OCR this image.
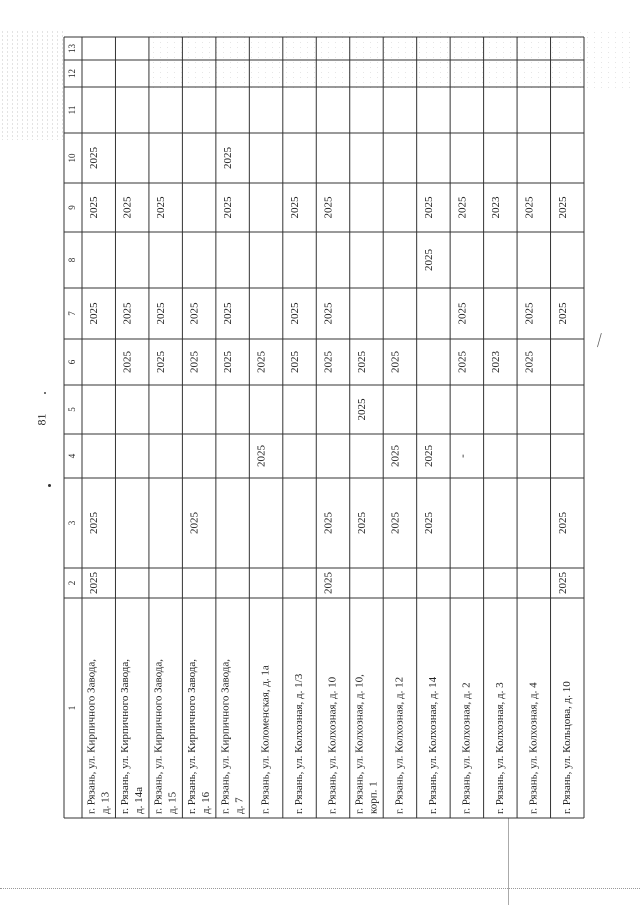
81
⁄
1
2
3
4
5
6
7
8
9
10
11
12
13
г. Рязань, ул. Кирпичного Завода, д. 13
2025
2025
2025
2025
2025
г. Рязань, ул. Кирпичного Завода, д. 14а
2025
2025
2025
г. Рязань, ул. Кирпичного Завода, д. 15
2025
2025
2025
г. Рязань, ул. Кирпичного Завода, д. 16
2025
2025
2025
г. Рязань, ул. Кирпичного Завода, д. 7
2025
2025
2025
2025
г. Рязань, ул. Коломенская, д. 1а
2025
2025
г. Рязань, ул. Колхозная, д. 1/3
2025
2025
2025
г. Рязань, ул. Колхозная, д. 10
2025
2025
2025
2025
2025
г. Рязань, ул. Колхозная, д. 10, корп. 1
2025
2025
2025
г. Рязань, ул. Колхозная, д. 12
2025
2025
2025
г. Рязань, ул. Колхозная, д. 14
2025
2025
2025
2025
г. Рязань, ул. Колхозная, д. 2
-
2025
2025
2025
г. Рязань, ул. Колхозная, д. 3
2023
2023
г. Рязань, ул. Колхозная, д. 4
2025
2025
2025
г. Рязань, ул. Кольцова, д. 10
2025
2025
2025
2025
